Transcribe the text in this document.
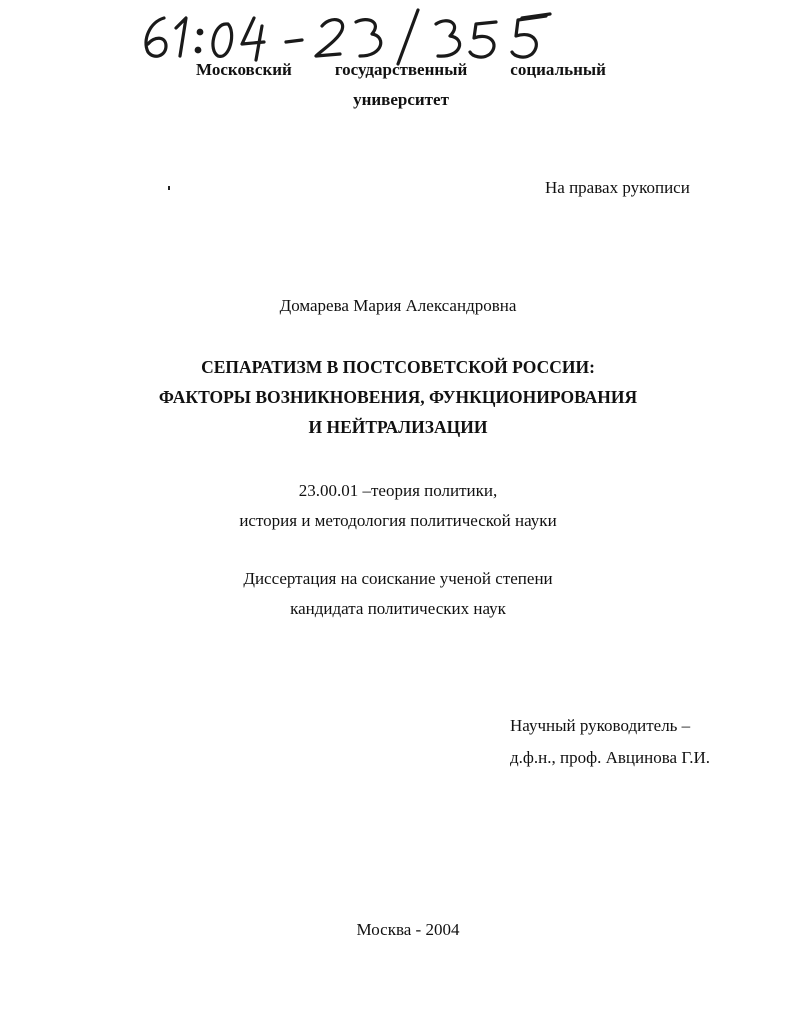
Московский	государственный	социальный
университет
На правах рукописи
Домарева Мария Александровна
СЕПАРАТИЗМ В ПОСТСОВЕТСКОЙ РОССИИ:
ФАКТОРЫ ВОЗНИКНОВЕНИЯ, ФУНКЦИОНИРОВАНИЯ
И НЕЙТРАЛИЗАЦИИ
23.00.01 –теория политики,
история и методология политической науки
Диссертация на соискание ученой степени
кандидата политических наук
Научный руководитель –
д.ф.н., проф. Авцинова Г.И.
Москва - 2004
